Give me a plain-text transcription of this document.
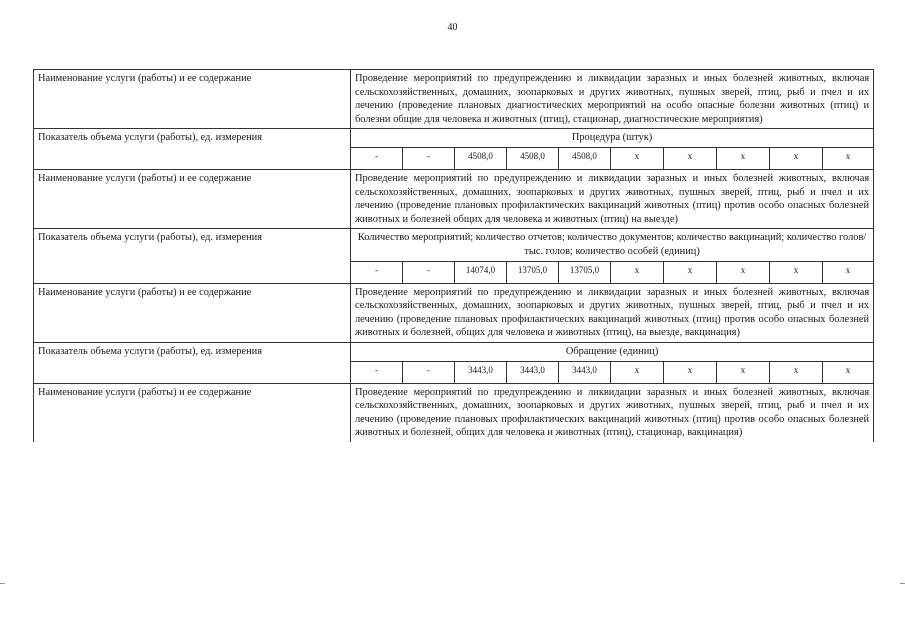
40
Наименование услуги (работы) и ее содержание	Проведение мероприятий по предупреждению и ликвидации заразных и иных болезней животных, включая сельскохозяйственных, домашних, зоопарковых и других животных, пушных зверей, птиц, рыб и пчел и их лечению (проведение плановых диагностических мероприятий на особо опасные болезни животных (птиц) и болезни общие для человека и животных (птиц), стационар, диагностические мероприятия)									
Показатель объема услуги (работы), ед. измерения	Процедура (штук)									
	-	-	4508,0	4508,0	4508,0	x	x	x	x	x
Наименование услуги (работы) и ее содержание	Проведение мероприятий по предупреждению и ликвидации заразных и иных болезней животных, включая сельскохозяйственных, домашних, зоопарковых и других животных, пушных зверей, птиц, рыб и пчел и их лечению (проведение плановых профилактических вакцинаций животных (птиц) против особо опасных болезней животных и болезней общих для человека и животных (птиц) на выезде)									
Показатель объема услуги (работы), ед. измерения	Количество мероприятий; количество отчетов; количество документов; количество вакцинаций; количество голов/тыс. голов; количество особей (единиц)									
	-	-	14074,0	13705,0	13705,0	x	x	x	x	x
Наименование услуги (работы) и ее содержание	Проведение мероприятий по предупреждению и ликвидации заразных и иных болезней животных, включая сельскохозяйственных, домашних, зоопарковых и других животных, пушных зверей, птиц, рыб и пчел и их лечению (проведение плановых профилактических вакцинаций животных (птиц) против особо опасных болезней животных и болезней, общих для человека и животных (птиц), на выезде, вакцинация)									
Показатель объема услуги (работы), ед. измерения	Обращение (единиц)									
	-	-	3443,0	3443,0	3443,0	x	x	x	x	x
Наименование услуги (работы) и ее содержание	Проведение мероприятий по предупреждению и ликвидации заразных и иных болезней животных, включая сельскохозяйственных, домашних, зоопарковых и других животных, пушных зверей, птиц, рыб и пчел и их лечению (проведение плановых профилактических вакцинаций животных (птиц) против особо опасных болезней животных и болезней, общих для человека и животных (птиц), стационар, вакцинация)									
